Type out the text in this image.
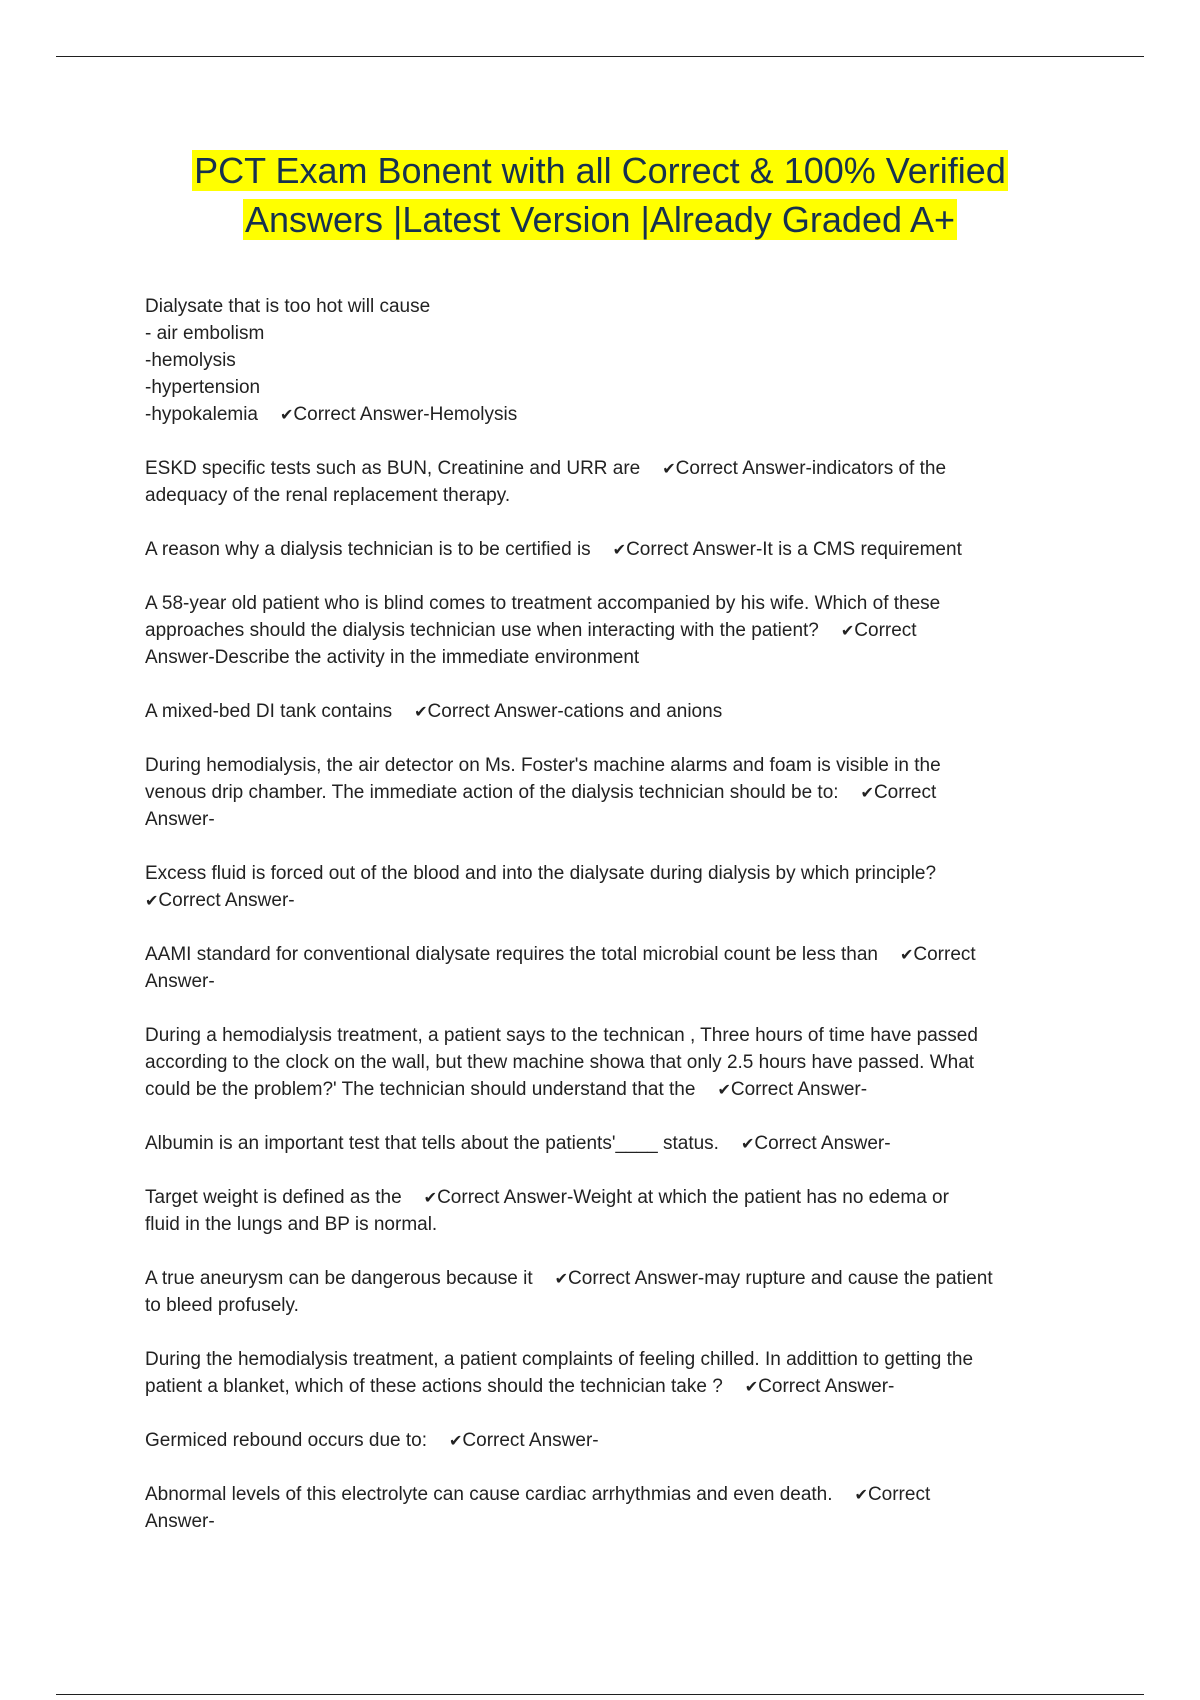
PCT Exam Bonent with all Correct & 100% Verified
Answers |Latest Version |Already Graded A+
Dialysate that is too hot will cause
- air embolism
-hemolysis
-hypertension
-hypokalemia ✔Correct Answer-Hemolysis
ESKD specific tests such as BUN, Creatinine and URR are ✔Correct Answer-indicators of the
adequacy of the renal replacement therapy.
A reason why a dialysis technician is to be certified is ✔Correct Answer-It is a CMS requirement
A 58-year old patient who is blind comes to treatment accompanied by his wife. Which of these
approaches should the dialysis technician use when interacting with the patient? ✔Correct
Answer-Describe the activity in the immediate environment
A mixed-bed DI tank contains ✔Correct Answer-cations and anions
During hemodialysis, the air detector on Ms. Foster's machine alarms and foam is visible in the
venous drip chamber. The immediate action of the dialysis technician should be to: ✔Correct
Answer-
Excess fluid is forced out of the blood and into the dialysate during dialysis by which principle?
✔Correct Answer-
AAMI standard for conventional dialysate requires the total microbial count be less than ✔Correct
Answer-
During a hemodialysis treatment, a patient says to the technican , Three hours of time have passed
according to the clock on the wall, but thew machine showa that only 2.5 hours have passed. What
could be the problem?' The technician should understand that the ✔Correct Answer-
Albumin is an important test that tells about the patients'____ status. ✔Correct Answer-
Target weight is defined as the ✔Correct Answer-Weight at which the patient has no edema or
fluid in the lungs and BP is normal.
A true aneurysm can be dangerous because it ✔Correct Answer-may rupture and cause the patient
to bleed profusely.
During the hemodialysis treatment, a patient complaints of feeling chilled. In addittion to getting the
patient a blanket, which of these actions should the technician take ? ✔Correct Answer-
Germiced rebound occurs due to: ✔Correct Answer-
Abnormal levels of this electrolyte can cause cardiac arrhythmias and even death. ✔Correct
Answer-
